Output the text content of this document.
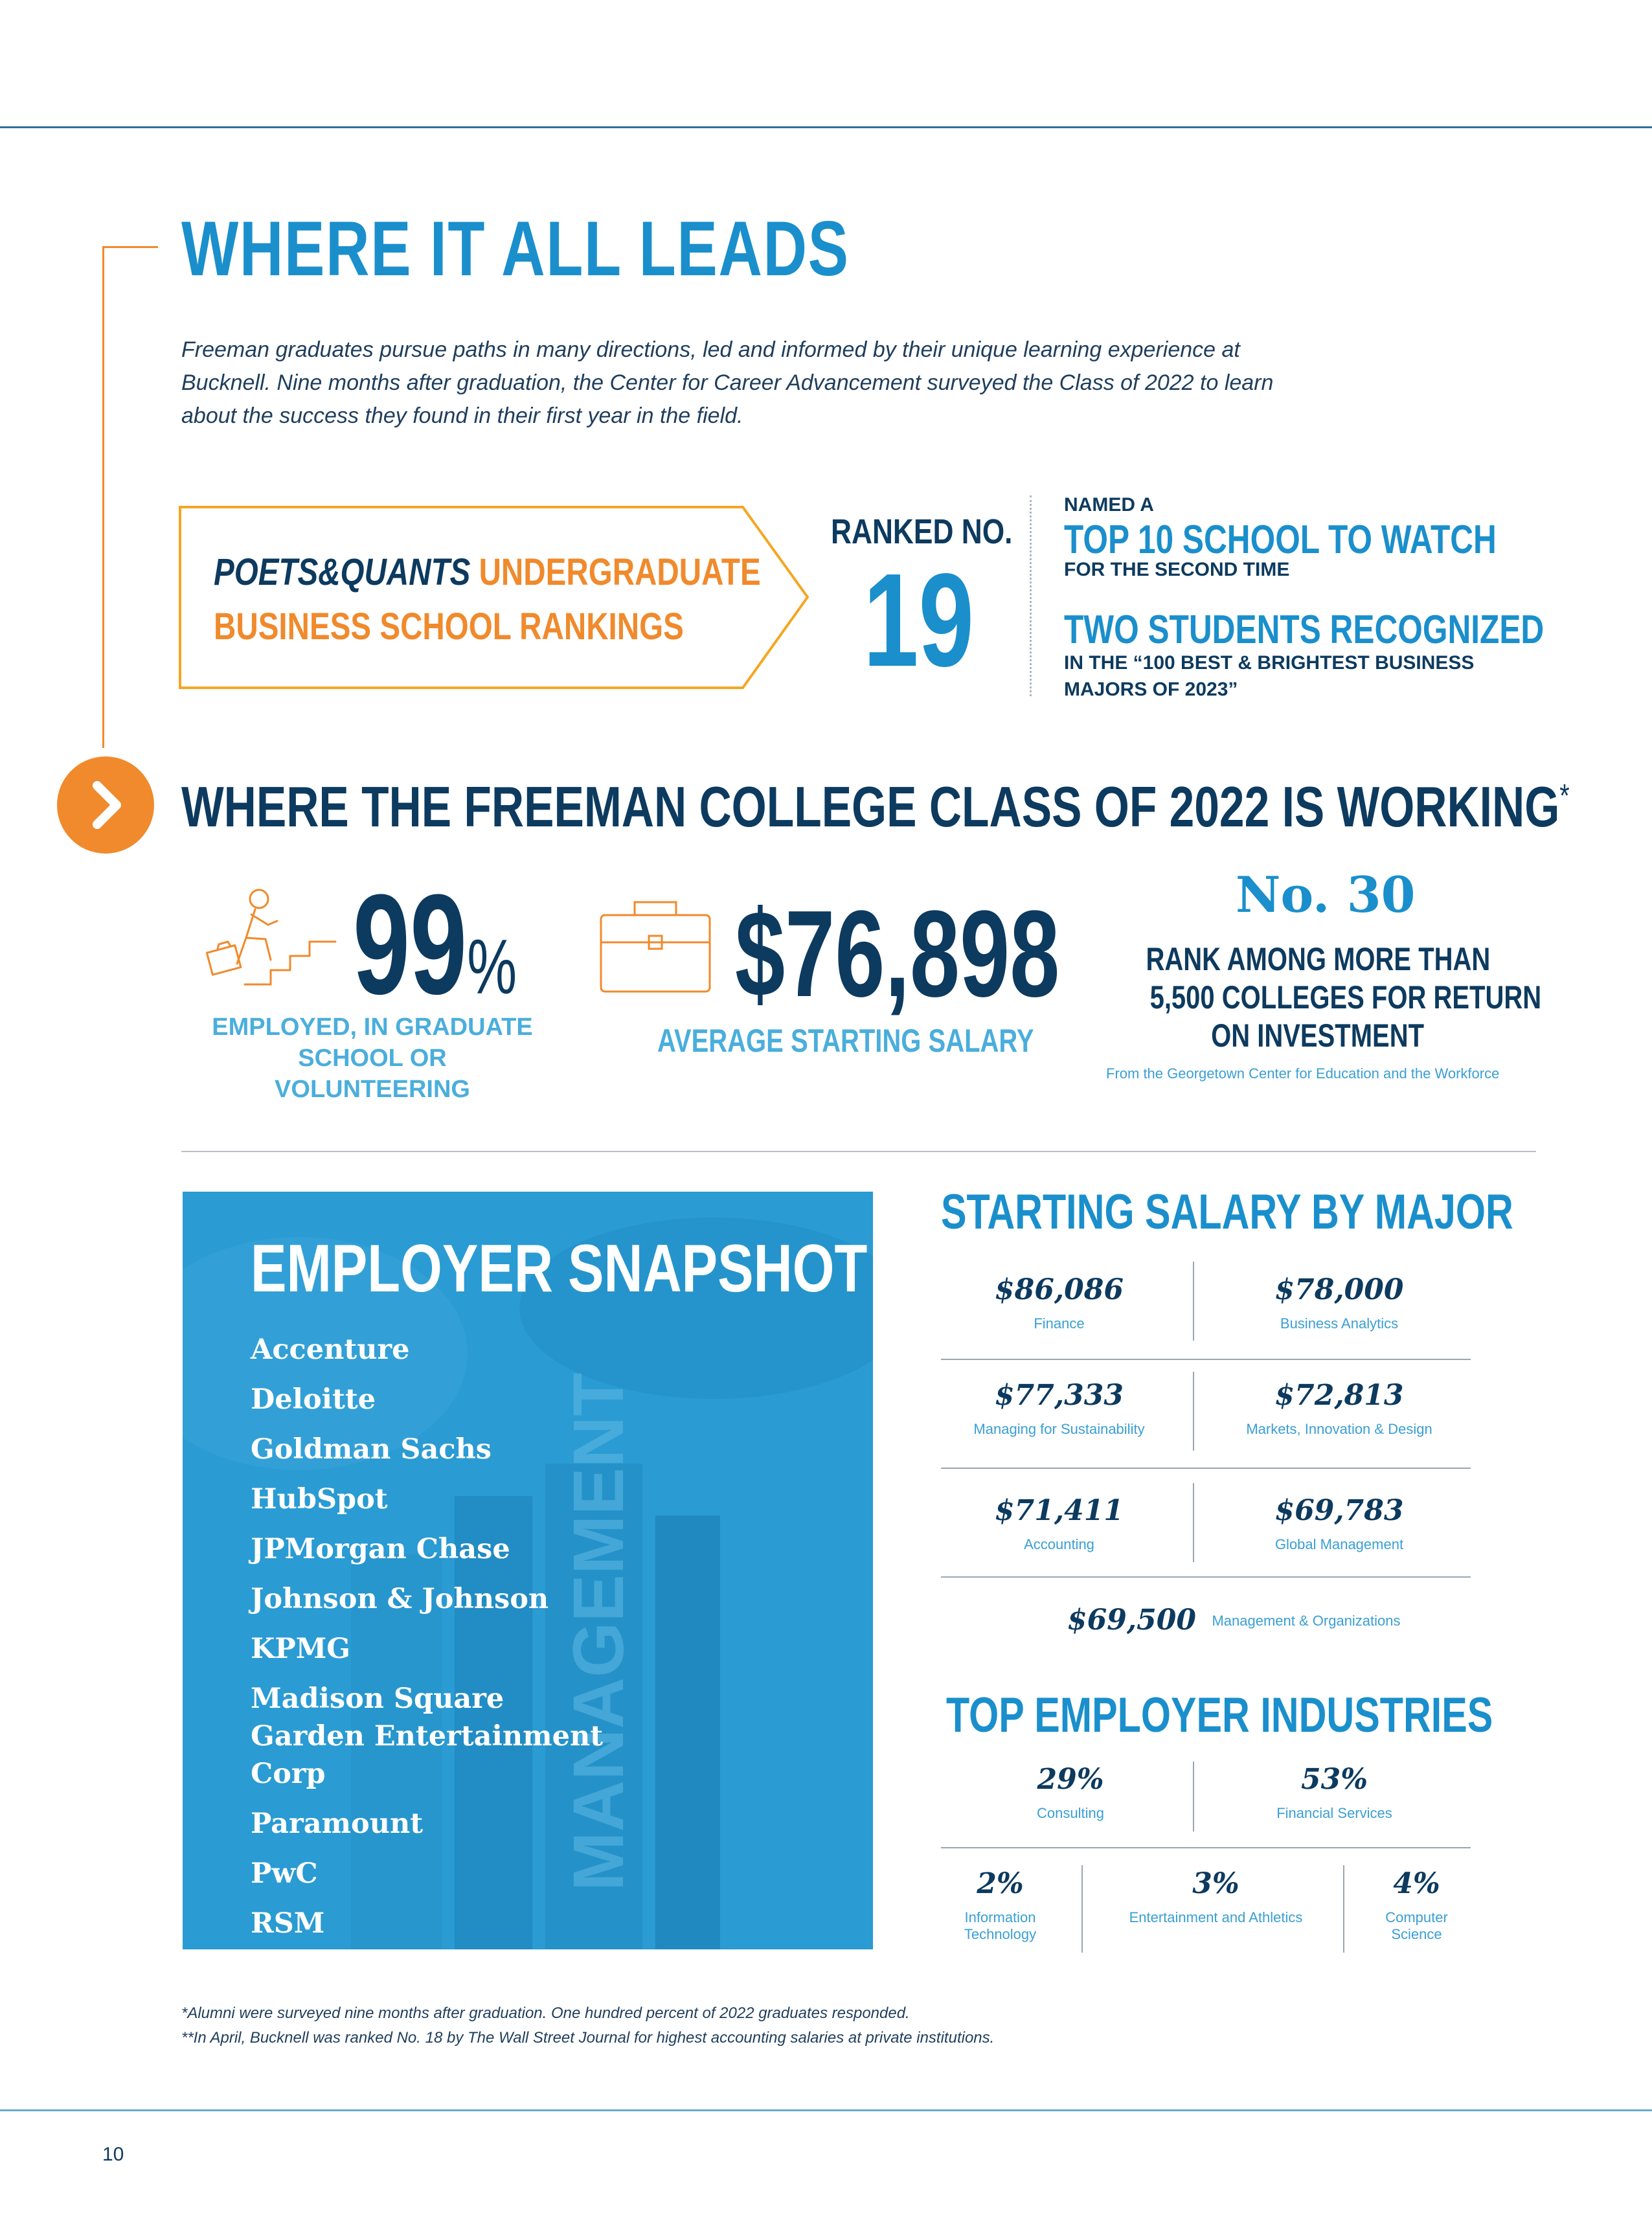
WHERE IT ALL LEADS
Freeman graduates pursue paths in many directions, led and informed by their unique learning experience at Bucknell. Nine months after graduation, the Center for Career Advancement surveyed the Class of 2022 to learn about the success they found in their first year in the field.
POETS&QUANTS UNDERGRADUATE
BUSINESS SCHOOL RANKINGS
RANKED NO.
19
NAMED A
TOP 10 SCHOOL TO WATCH
FOR THE SECOND TIME
TWO STUDENTS RECOGNIZED
IN THE “100 BEST & BRIGHTEST BUSINESS MAJORS OF 2023”
WHERE THE FREEMAN COLLEGE CLASS OF 2022 IS WORKING*
99%
EMPLOYED, IN GRADUATE SCHOOL OR VOLUNTEERING
$76,898
AVERAGE STARTING SALARY
No. 30
RANK AMONG MORE THAN
5,500 COLLEGES FOR RETURN
ON INVESTMENT
From the Georgetown Center for Education and the Workforce
MANAGEMENT
EMPLOYER SNAPSHOT
Accenture
Deloitte
Goldman Sachs
HubSpot
JPMorgan Chase
Johnson & Johnson
KPMG
Madison Square Garden Entertainment Corp
Paramount
PwC
RSM
STARTING SALARY BY MAJOR
$86,086
Finance
$78,000
Business Analytics
$77,333
Managing for Sustainability
$72,813
Markets, Innovation & Design
$71,411
Accounting
$69,783
Global Management
$69,500 Management & Organizations
TOP EMPLOYER INDUSTRIES
29%
Consulting
53%
Financial Services
2%
Information Technology
3%
Entertainment and Athletics
4%
Computer Science
*Alumni were surveyed nine months after graduation. One hundred percent of 2022 graduates responded.
**In April, Bucknell was ranked No. 18 by The Wall Street Journal for highest accounting salaries at private institutions.
10
